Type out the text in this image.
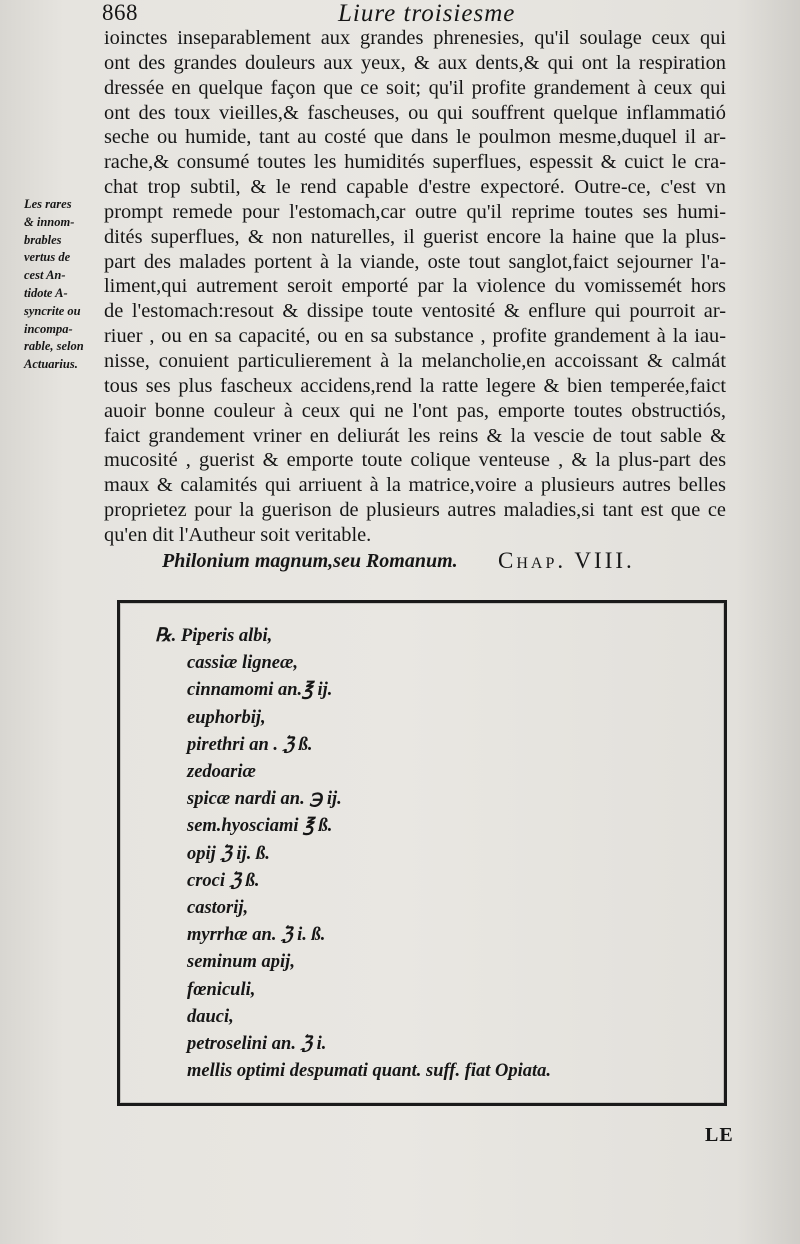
868	Liure troisiesme
Les rares
& innom-
brables
vertus de
cest An-
tidote A-
syncrite ou
incompa-
rable, selon
Actuarius.
ioinctes inseparablement aux grandes phrenesies, qu'il soulage ceux qui
ont des grandes douleurs aux yeux, & aux dents,& qui ont la respiration
dressée en quelque façon que ce soit; qu'il profite grandement à ceux qui
ont des toux vieilles,& fascheuses, ou qui souffrent quelque inflammatió
seche ou humide, tant au costé que dans le poulmon mesme,duquel il ar-
rache,& consumé toutes les humidités superflues, espessit & cuict le cra-
chat trop subtil, & le rend capable d'estre expectoré. Outre-ce, c'est vn
prompt remede pour l'estomach,car outre qu'il reprime toutes ses humi-
dités superflues, & non naturelles, il guerist encore la haine que la plus-
part des malades portent à la viande, oste tout sanglot,faict sejourner l'a-
liment,qui autrement seroit emporté par la violence du vomissemét hors
de l'estomach:resout & dissipe toute ventosité & enflure qui pourroit ar-
riuer , ou en sa capacité, ou en sa substance , profite grandement à la iau-
nisse, conuient particulierement à la melancholie,en accoissant & calmát
tous ses plus fascheux accidens,rend la ratte legere & bien temperée,faict
auoir bonne couleur à ceux qui ne l'ont pas, emporte toutes obstructiós,
faict grandement vriner en deliurát les reins & la vescie de tout sable &
mucosité , guerist & emporte toute colique venteuse , & la plus-part des
maux & calamités qui arriuent à la matrice,voire a plusieurs autres belles
proprietez pour la guerison de plusieurs autres maladies,si tant est que ce
qu'en dit l'Autheur soit veritable.
Philonium magnum,seu Romanum. Chap. VIII.
℞. Piperis albi,
cassiæ ligneæ,
cinnamomi an.℥ ij.
euphorbij,
pirethri an . ℨ ß.
zedoariæ
spicæ nardi an. ℈ ij.
sem.hyosciami ℥ ß.
opij ℨ ij. ß.
croci ℨ ß.
castorij,
myrrhæ an. ℨ i. ß.
seminum apij,
fœniculi,
dauci,
petroselini an. ℨ i.
mellis optimi despumati quant. suff. fiat Opiata.
LE
